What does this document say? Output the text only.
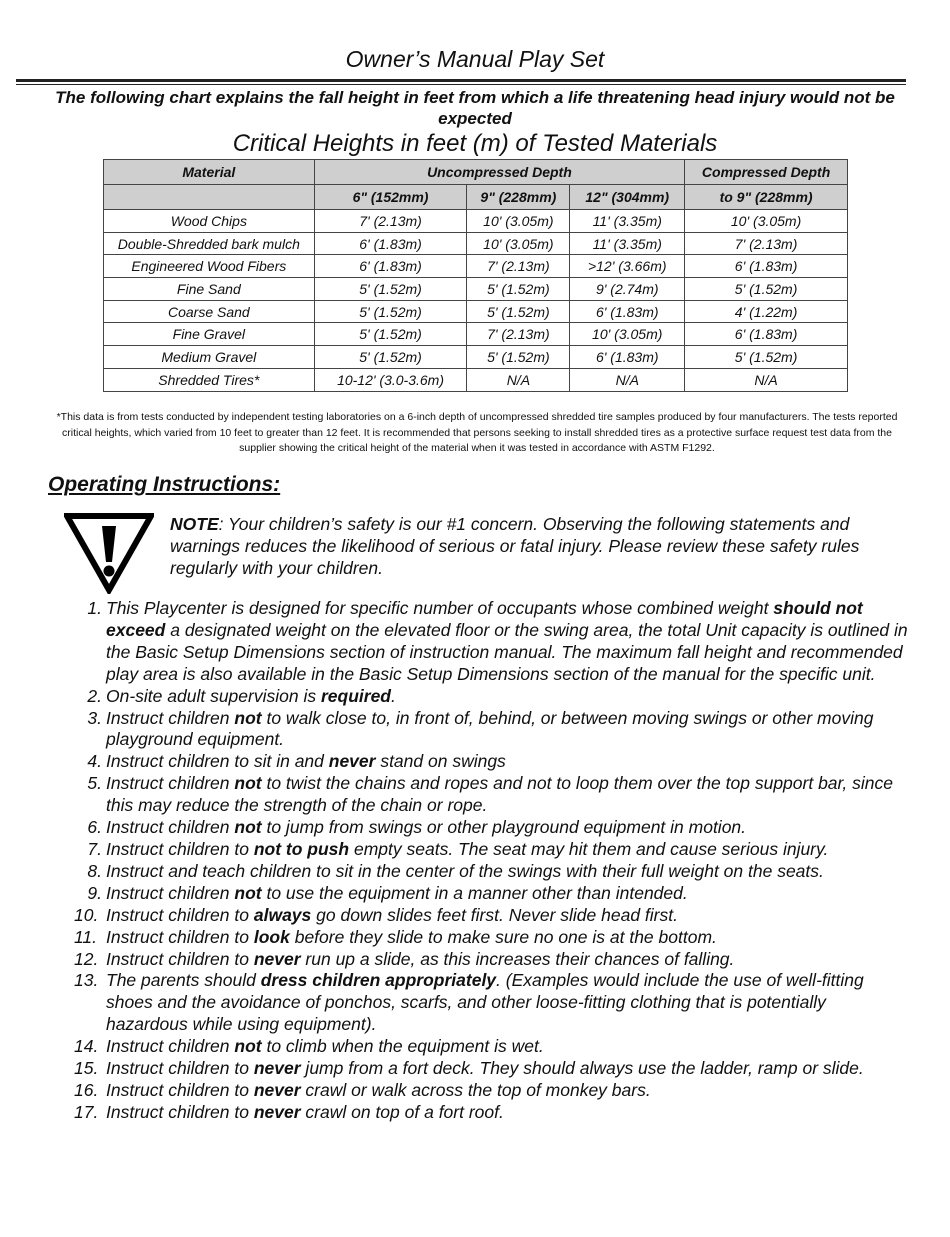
Owner’s Manual Play Set
The following chart explains the fall height in feet from which a life threatening head injury would not be expected
Critical Heights in feet (m) of Tested Materials
Material	Uncompressed Depth			Compressed Depth
	6" (152mm)	9" (228mm)	12" (304mm)	to 9" (228mm)
Wood Chips	7' (2.13m)	10' (3.05m)	11' (3.35m)	10' (3.05m)
Double-Shredded bark mulch	6' (1.83m)	10' (3.05m)	11' (3.35m)	7' (2.13m)
Engineered Wood Fibers	6' (1.83m)	7' (2.13m)	>12' (3.66m)	6' (1.83m)
Fine Sand	5' (1.52m)	5' (1.52m)	9' (2.74m)	5' (1.52m)
Coarse Sand	5' (1.52m)	5' (1.52m)	6' (1.83m)	4' (1.22m)
Fine Gravel	5' (1.52m)	7' (2.13m)	10' (3.05m)	6' (1.83m)
Medium Gravel	5' (1.52m)	5' (1.52m)	6' (1.83m)	5' (1.52m)
Shredded Tires*	10-12' (3.0-3.6m)	N/A	N/A	N/A
*This data is from tests conducted by independent testing laboratories on a 6-inch depth of uncompressed shredded tire samples produced by four manufacturers. The tests reported critical heights, which varied from 10 feet to greater than 12 feet. It is recommended that persons seeking to install shredded tires as a protective surface request test data from the supplier showing the critical height of the material when it was tested in accordance with ASTM F1292.
Operating Instructions:
NOTE: Your children’s safety is our #1 concern. Observing the following statements and warnings reduces the likelihood of serious or fatal injury. Please review these safety rules regularly with your children.
1. This Playcenter is designed for specific number of occupants whose combined weight should not exceed a designated weight on the elevated floor or the swing area, the total Unit capacity is outlined in the Basic Setup Dimensions section of instruction manual. The maximum fall height and recommended play area is also available in the Basic Setup Dimensions section of the manual for the specific unit.
2. On-site adult supervision is required.
3. Instruct children not to walk close to, in front of, behind, or between moving swings or other moving playground equipment.
4. Instruct children to sit in and never stand on swings
5. Instruct children not to twist the chains and ropes and not to loop them over the top support bar, since this may reduce the strength of the chain or rope.
6. Instruct children not to jump from swings or other playground equipment in motion.
7. Instruct children to not to push empty seats. The seat may hit them and cause serious injury.
8. Instruct and teach children to sit in the center of the swings with their full weight on the seats.
9. Instruct children not to use the equipment in a manner other than intended.
10. Instruct children to always go down slides feet first. Never slide head first.
11. Instruct children to look before they slide to make sure no one is at the bottom.
12. Instruct children to never run up a slide, as this increases their chances of falling.
13. The parents should dress children appropriately. (Examples would include the use of well-fitting shoes and the avoidance of ponchos, scarfs, and other loose-fitting clothing that is potentially hazardous while using equipment).
14. Instruct children not to climb when the equipment is wet.
15. Instruct children to never jump from a fort deck. They should always use the ladder, ramp or slide.
16. Instruct children to never crawl or walk across the top of monkey bars.
17. Instruct children to never crawl on top of a fort roof.
